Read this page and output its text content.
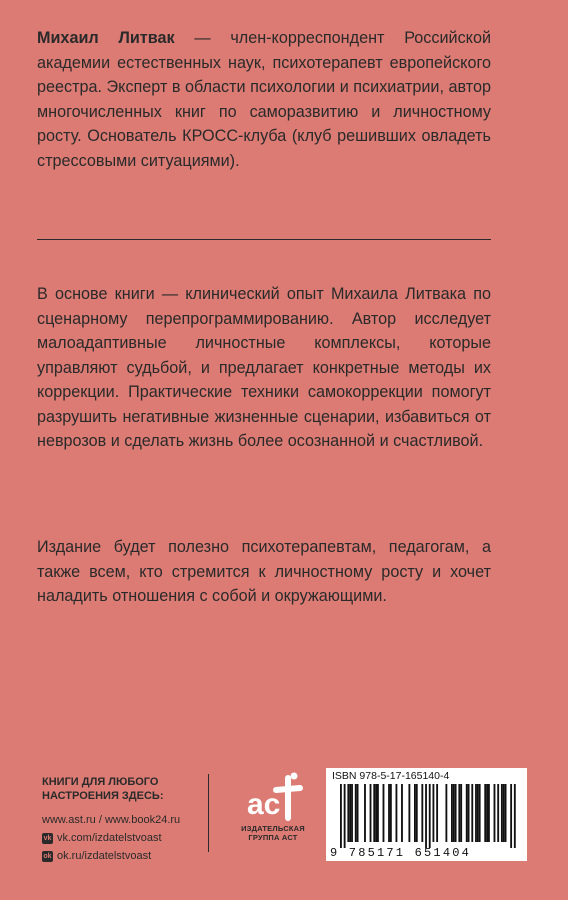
Михаил Литвак — член-корреспондент Российской академии естественных наук, психотерапевт европейского реестра. Эксперт в области психологии и психиатрии, автор многочисленных книг по саморазвитию и личностному росту. Основатель КРОСС-клуба (клуб решивших овладеть стрессовыми ситуациями).
В основе книги — клинический опыт Михаила Литвака по сценарному перепрограммированию. Автор исследует малоадаптивные личностные комплексы, которые управляют судьбой, и предлагает конкретные методы их коррекции. Практические техники самокоррекции помогут разрушить негативные жизненные сценарии, избавиться от неврозов и сделать жизнь более осознанной и счастливой.
Издание будет полезно психотерапевтам, педагогам, а также всем, кто стремится к личностному росту и хочет наладить отношения с собой и окружающими.
КНИГИ ДЛЯ ЛЮБОГО НАСТРОЕНИЯ ЗДЕСЬ:
www.ast.ru / www.book24.ru
vk
vk.com/izdatelstvoast
ok
ok.ru/izdatelstvoast
ас
ИЗДАТЕЛЬСКАЯ
ГРУППА АСТ
ISBN 978-5-17-165140-4
9 785171 651404
